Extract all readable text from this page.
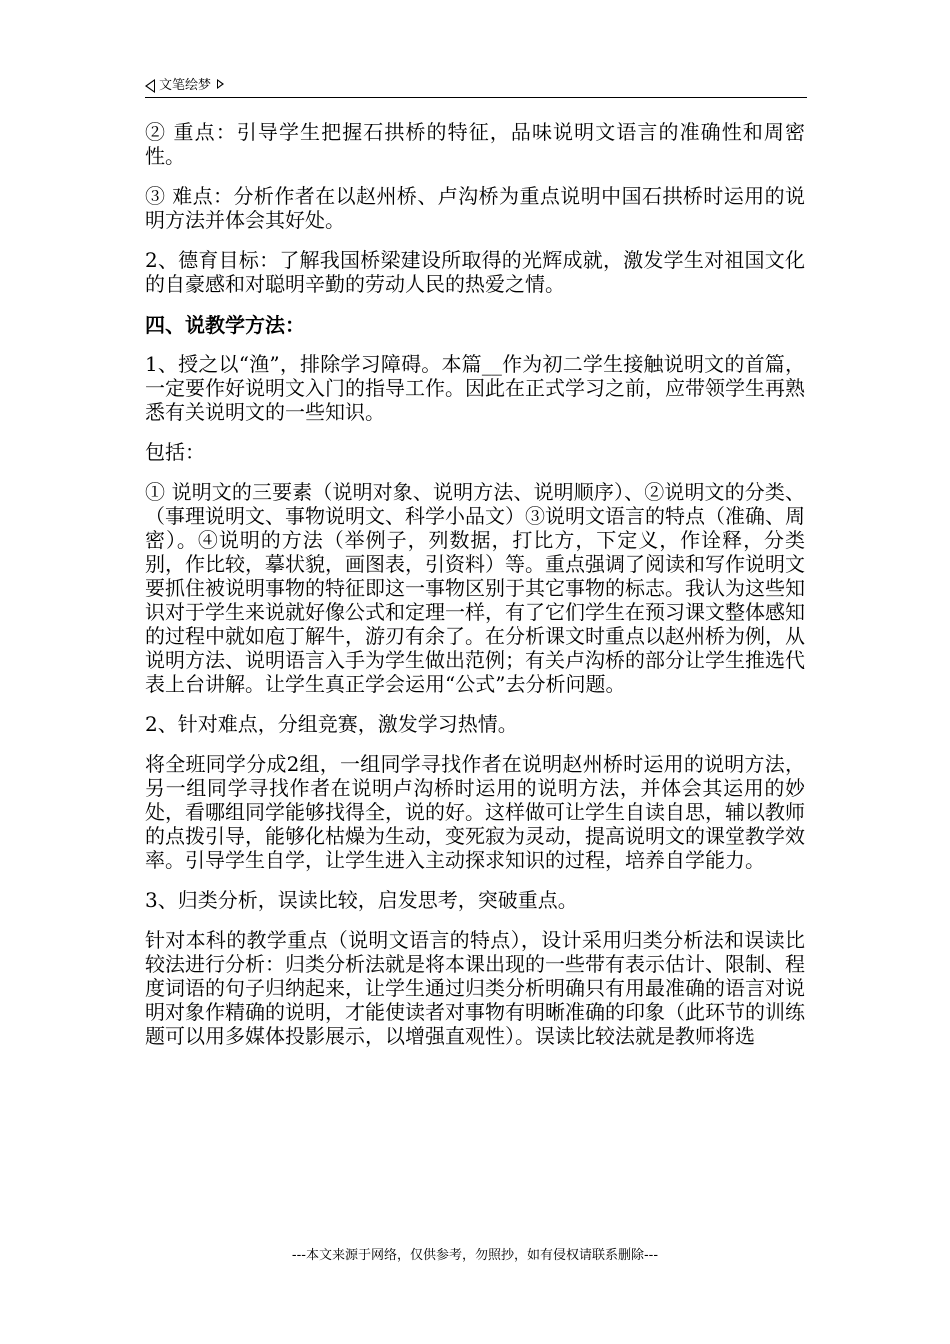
文笔绘梦

② 重点：引导学生把握石拱桥的特征，品味说明文语言的准确性和周密性。

③ 难点：分析作者在以赵州桥、卢沟桥为重点说明中国石拱桥时运用的说明方法并体会其好处。

2、德育目标：了解我国桥梁建设所取得的光辉成就，激发学生对祖国文化的自豪感和对聪明辛勤的劳动人民的热爱之情。

四、说教学方法：

1、授之以“渔”，排除学习障碍。本篇__作为初二学生接触说明文的首篇，一定要作好说明文入门的指导工作。因此在正式学习之前，应带领学生再熟悉有关说明文的一些知识。

包括：

① 说明文的三要素（说明对象、说明方法、说明顺序）、②说明文的分类、（事理说明文、事物说明文、科学小品文）③说明文语言的特点（准确、周密）。④说明的方法（举例子，列数据，打比方，下定义，作诠释，分类别，作比较，摹状貌，画图表，引资料）等。重点强调了阅读和写作说明文要抓住被说明事物的特征即这一事物区别于其它事物的标志。我认为这些知识对于学生来说就好像公式和定理一样，有了它们学生在预习课文整体感知的过程中就如庖丁解牛，游刃有余了。在分析课文时重点以赵州桥为例，从说明方法、说明语言入手为学生做出范例；有关卢沟桥的部分让学生推选代表上台讲解。让学生真正学会运用“公式”去分析问题。

2、针对难点，分组竞赛，激发学习热情。

将全班同学分成2组，一组同学寻找作者在说明赵州桥时运用的说明方法，另一组同学寻找作者在说明卢沟桥时运用的说明方法，并体会其运用的妙处，看哪组同学能够找得全，说的好。这样做可让学生自读自思，辅以教师的点拨引导，能够化枯燥为生动，变死寂为灵动，提高说明文的课堂教学效率。引导学生自学，让学生进入主动探求知识的过程，培养自学能力。

3、归类分析，误读比较，启发思考，突破重点。

针对本科的教学重点（说明文语言的特点），设计采用归类分析法和误读比较法进行分析：归类分析法就是将本课出现的一些带有表示估计、限制、程度词语的句子归纳起来，让学生通过归类分析明确只有用最准确的语言对说明对象作精确的说明，才能使读者对事物有明晰准确的印象（此环节的训练题可以用多媒体投影展示，以增强直观性）。误读比较法就是教师将选

---本文来源于网络，仅供参考，勿照抄，如有侵权请联系删除---
